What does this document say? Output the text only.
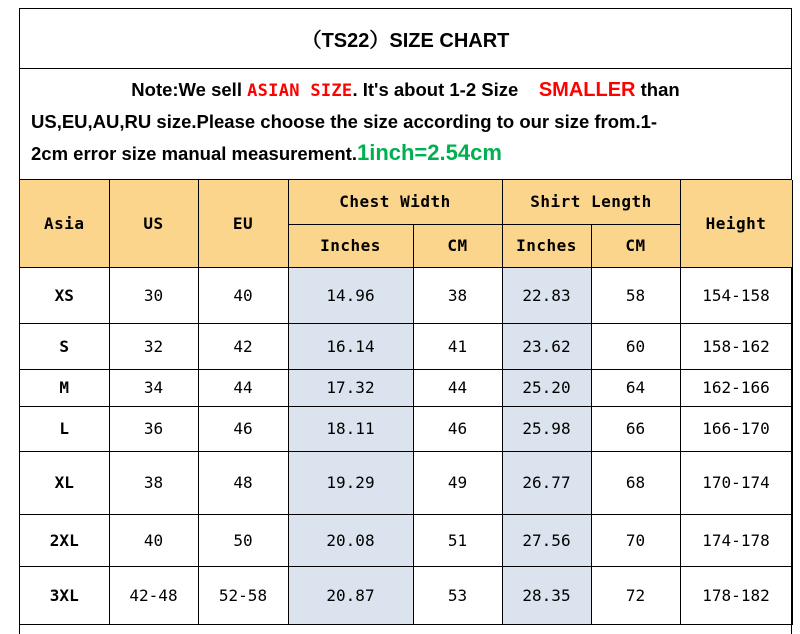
（TS22）SIZE CHART
Note:We sell ASIAN SIZE. It's about 1-2 Size    SMALLER than
US,EU,AU,RU size.Please choose the size according to our size from.1-
2cm error size manual measurement.1inch=2.54cm
Asia	US	EU	Chest Width		Shirt Length		Height
			Inches	CM	Inches	CM	
XS	30	40	14.96	38	22.83	58	154-158
S	32	42	16.14	41	23.62	60	158-162
M	34	44	17.32	44	25.20	64	162-166
L	36	46	18.11	46	25.98	66	166-170
XL	38	48	19.29	49	26.77	68	170-174
2XL	40	50	20.08	51	27.56	70	174-178
3XL	42-48	52-58	20.87	53	28.35	72	178-182
